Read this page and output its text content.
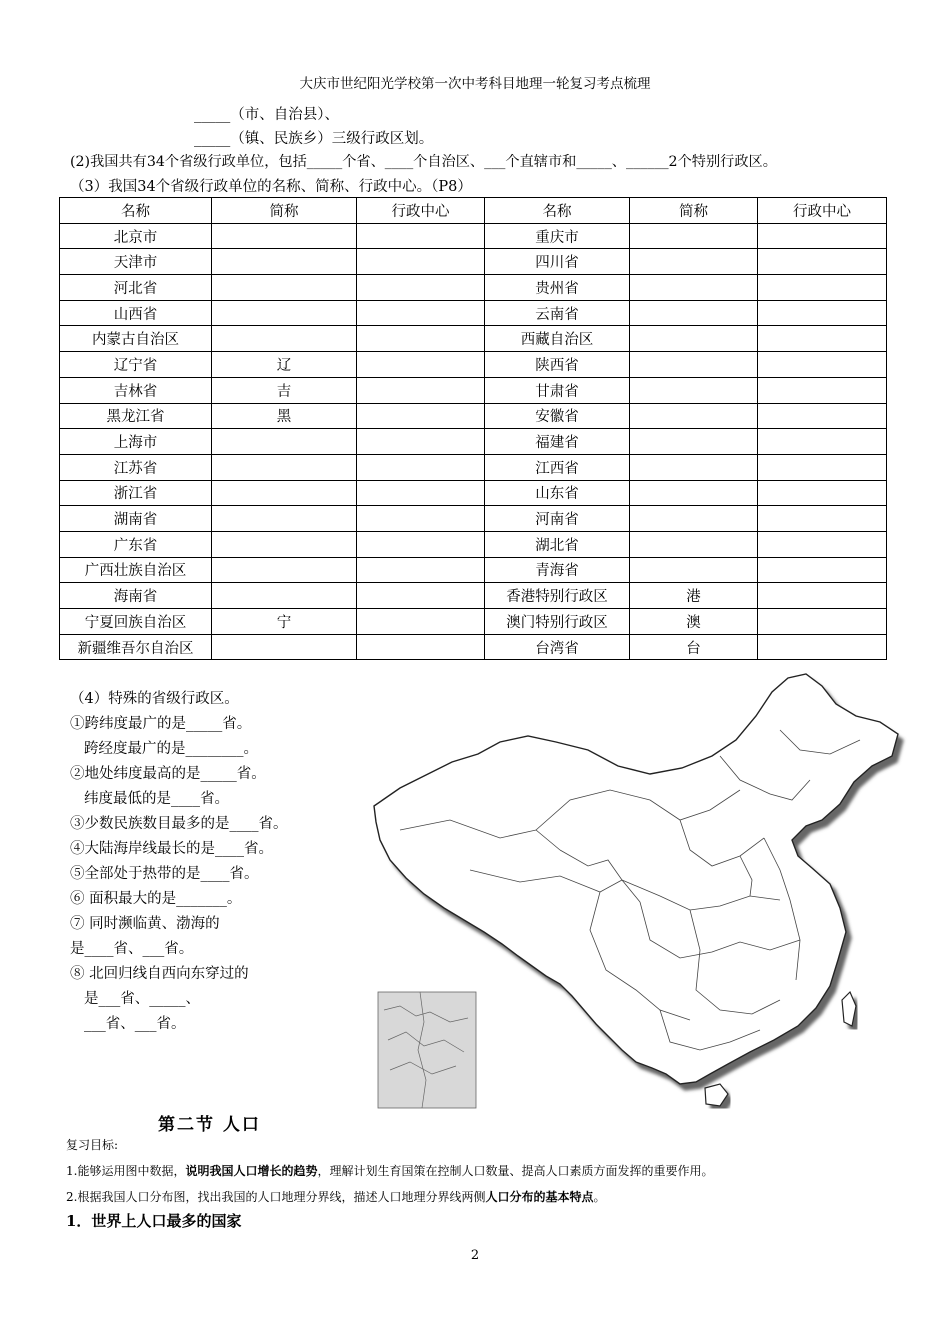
大庆市世纪阳光学校第一次中考科目地理一轮复习考点梳理
_____（市、自治县）、
_____（镇、民族乡）三级行政区划。
(2)我国共有34个省级行政单位，包括_____个省、____个自治区、___个直辖市和_____、______2个特别行政区。
（3）我国34个省级行政单位的名称、简称、行政中心。（P8）
名称	简称	行政中心	名称	简称	行政中心
北京市			重庆市		
天津市			四川省		
河北省			贵州省		
山西省			云南省		
内蒙古自治区			西藏自治区		
辽宁省	辽		陕西省		
吉林省	吉		甘肃省		
黑龙江省	黑		安徽省		
上海市			福建省		
江苏省			江西省		
浙江省			山东省		
湖南省			河南省		
广东省			湖北省		
广西壮族自治区			青海省		
海南省			香港特别行政区	港	
宁夏回族自治区	宁		澳门特别行政区	澳	
新疆维吾尔自治区			台湾省	台	
（4）特殊的省级行政区。
①跨纬度最广的是_____省。
跨经度最广的是________。
②地处纬度最高的是_____省。
纬度最低的是____省。
③少数民族数目最多的是____省。
④大陆海岸线最长的是____省。
⑤全部处于热带的是____省。
⑥ 面积最大的是_______。
⑦ 同时濒临黄、渤海的
是____省、___省。
⑧ 北回归线自西向东穿过的
是___省、_____、
___省、___省。
第二节 人口
复习目标:
1.能够运用图中数据，说明我国人口增长的趋势，理解计划生育国策在控制人口数量、提高人口素质方面发挥的重要作用。
2.根据我国人口分布图，找出我国的人口地理分界线，描述人口地理分界线两侧人口分布的基本特点。
1．世界上人口最多的国家
2
